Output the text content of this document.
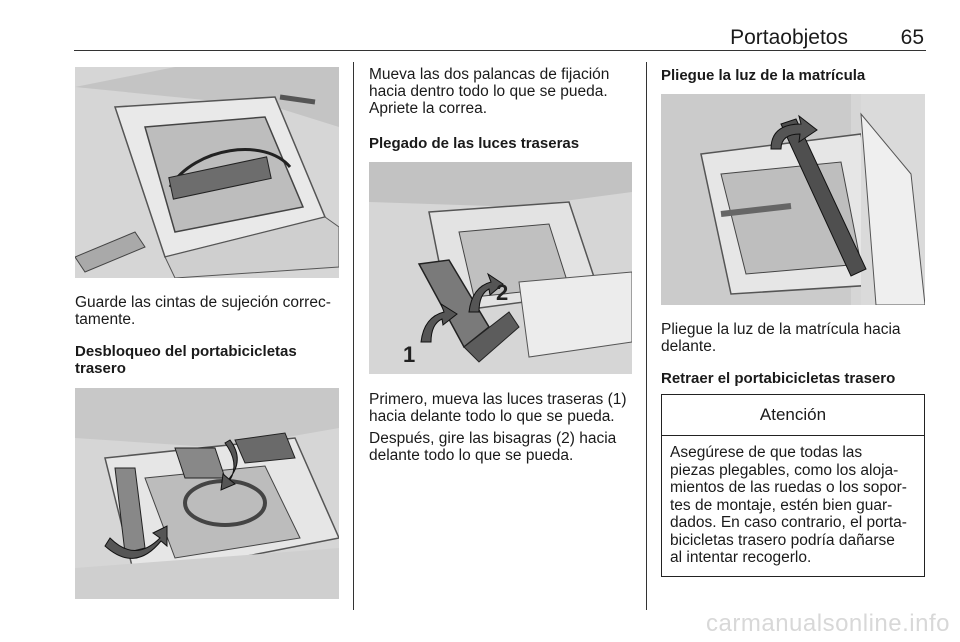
Portaobjetos	65
Guarde las cintas de sujeción correc-
tamente.
Desbloqueo del portabicicletas
trasero
Mueva las dos palancas de fijación
hacia dentro todo lo que se pueda.
Apriete la correa.
Plegado de las luces traseras
1
2
Primero, mueva las luces traseras (1)
hacia delante todo lo que se pueda.
Después, gire las bisagras (2) hacia
delante todo lo que se pueda.
Pliegue la luz de la matrícula
Pliegue la luz de la matrícula hacia
delante.
Retraer el portabicicletas trasero
Atención
Asegúrese de que todas las
piezas plegables, como los aloja-
mientos de las ruedas o los sopor-
tes de montaje, estén bien guar-
dados. En caso contrario, el porta-
bicicletas trasero podría dañarse
al intentar recogerlo.
carmanualsonline.info
